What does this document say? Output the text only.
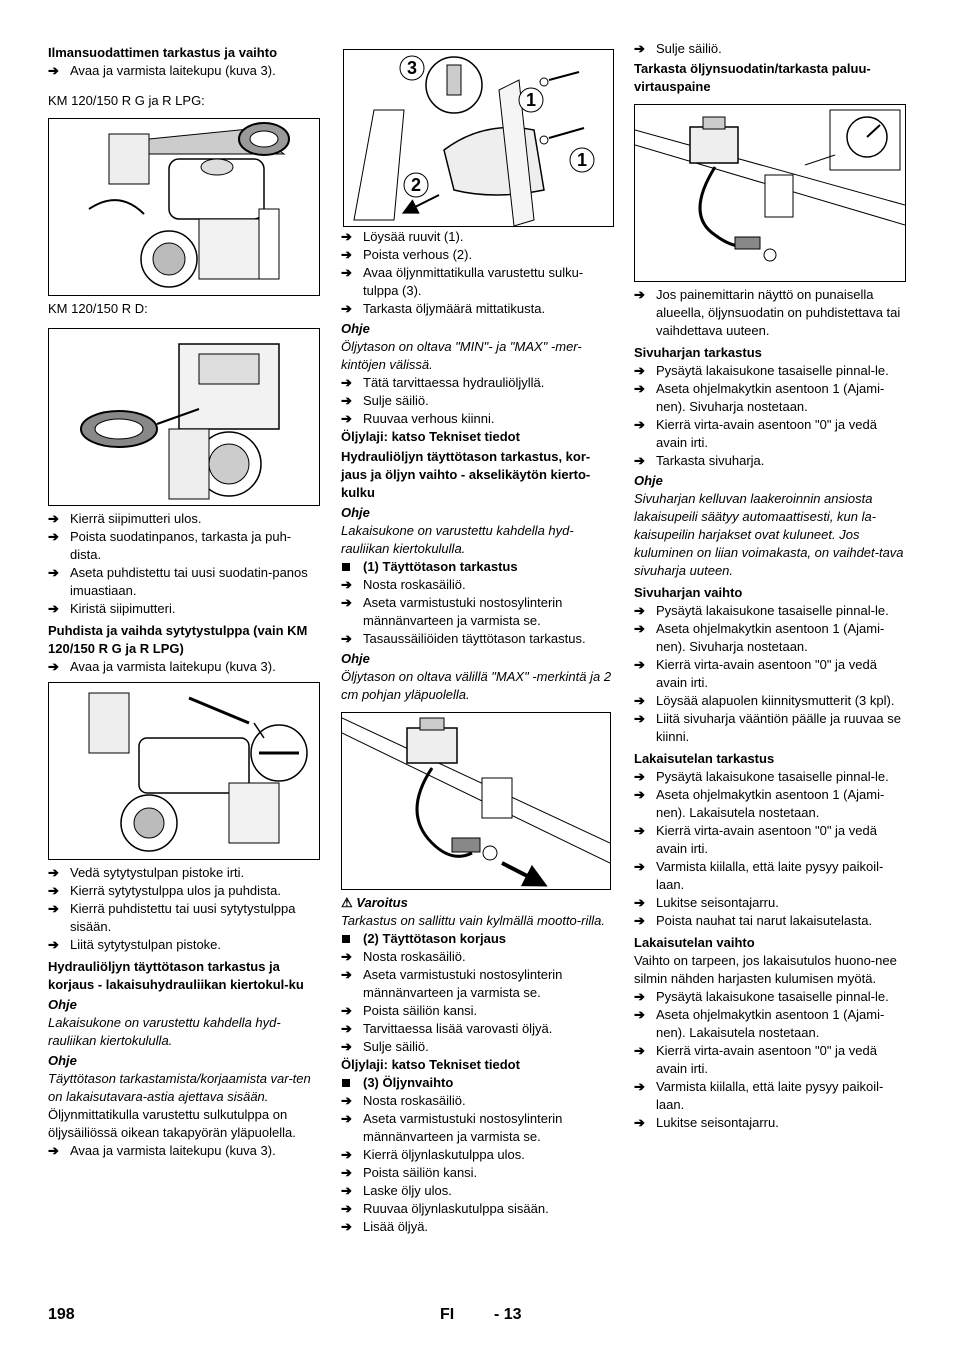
Ilmansuodattimen tarkastus ja vaihto

➔ Avaa ja varmista laitekupu (kuva 3).

KM 120/150 R G ja R LPG:

KM 120/150 R D:

➔ Kierrä siipimutteri ulos.

➔ Poista suodatinpanos, tarkasta ja puh-dista.

➔ Aseta puhdistettu tai uusi suodatin-panos imuastiaan.

➔ Kiristä siipimutteri.

Puhdista ja vaihda sytytystulppa (vain KM 120/150 R G ja R LPG)

➔ Avaa ja varmista laitekupu (kuva 3).

➔ Vedä sytytystulpan pistoke irti.

➔ Kierrä sytytystulppa ulos ja puhdista.

➔ Kierrä puhdistettu tai uusi sytytystulppa sisään.

➔ Liitä sytytystulpan pistoke.

Hydrauliöljyn täyttötason tarkastus ja korjaus - lakaisuhydrauliikan kiertokul-ku

Ohje

Lakaisukone on varustettu kahdella hyd-rauliikan kiertokululla.

Ohje

Täyttötason tarkastamista/korjaamista var-ten on lakaisutavara-astia ajettava sisään.

Öljynmittatikulla varustettu sulkutulppa on öljysäiliössä oikean takapyörän yläpuolella.

➔ Avaa ja varmista laitekupu (kuva 3).

3
1
1
2

➔ Löysää ruuvit (1).

➔ Poista verhous (2).

➔ Avaa öljynmittatikulla varustettu sulku-tulppa (3).

➔ Tarkasta öljymäärä mittatikusta.

Ohje

Öljytason on oltava "MIN"- ja "MAX" -mer-kintöjen välissä.

➔ Tätä tarvittaessa hydrauliöljyllä.

➔ Sulje säiliö.

➔ Ruuvaa verhous kiinni.

Öljylaji: katso Tekniset tiedot

Hydrauliöljyn täyttötason tarkastus, kor-jaus ja öljyn vaihto - akselikäytön kierto-kulku

Ohje

Lakaisukone on varustettu kahdella hyd-rauliikan kiertokululla.

(1) Täyttötason tarkastus

➔ Nosta roskasäiliö.

➔ Aseta varmistustuki nostosylinterin männänvarteen ja varmista se.

➔ Tasaussäiliöiden täyttötason tarkastus.

Ohje

Öljytason on oltava välillä "MAX" -merkintä ja 2 cm pohjan yläpuolella.

⚠ Varoitus

Tarkastus on sallittu vain kylmällä mootto-rilla.

(2) Täyttötason korjaus

➔ Nosta roskasäiliö.

➔ Aseta varmistustuki nostosylinterin männänvarteen ja varmista se.

➔ Poista säiliön kansi.

➔ Tarvittaessa lisää varovasti öljyä.

➔ Sulje säiliö.

Öljylaji: katso Tekniset tiedot

(3) Öljynvaihto

➔ Nosta roskasäiliö.

➔ Aseta varmistustuki nostosylinterin männänvarteen ja varmista se.

➔ Kierrä öljynlaskutulppa ulos.

➔ Poista säiliön kansi.

➔ Laske öljy ulos.

➔ Ruuvaa öljynlaskutulppa sisään.

➔ Lisää öljyä.

➔ Sulje säiliö.

Tarkasta öljynsuodatin/tarkasta paluu-virtauspaine

➔ Jos painemittarin näyttö on punaisella alueella, öljynsuodatin on puhdistettava tai vaihdettava uuteen.

Sivuharjan tarkastus

➔ Pysäytä lakaisukone tasaiselle pinnal-le.

➔ Aseta ohjelmakytkin asentoon 1 (Ajami-nen). Sivuharja nostetaan.

➔ Kierrä virta-avain asentoon "0" ja vedä avain irti.

➔ Tarkasta sivuharja.

Ohje

Sivuharjan kelluvan laakeroinnin ansiosta lakaisupeili säätyy automaattisesti, kun la-kaisupeilin harjakset ovat kuluneet. Jos kuluminen on liian voimakasta, on vaihdet-tava sivuharja uuteen.

Sivuharjan vaihto

➔ Pysäytä lakaisukone tasaiselle pinnal-le.

➔ Aseta ohjelmakytkin asentoon 1 (Ajami-nen). Sivuharja nostetaan.

➔ Kierrä virta-avain asentoon "0" ja vedä avain irti.

➔ Löysää alapuolen kiinnitysmutterit (3 kpl).

➔ Liitä sivuharja vääntiön päälle ja ruuvaa se kiinni.

Lakaisutelan tarkastus

➔ Pysäytä lakaisukone tasaiselle pinnal-le.

➔ Aseta ohjelmakytkin asentoon 1 (Ajami-nen). Lakaisutela nostetaan.

➔ Kierrä virta-avain asentoon "0" ja vedä avain irti.

➔ Varmista kiilalla, että laite pysyy paikoil-laan.

➔ Lukitse seisontajarru.

➔ Poista nauhat tai narut lakaisutelasta.

Lakaisutelan vaihto

Vaihto on tarpeen, jos lakaisutulos huono-nee silmin nähden harjasten kulumisen myötä.

➔ Pysäytä lakaisukone tasaiselle pinnal-le.

➔ Aseta ohjelmakytkin asentoon 1 (Ajami-nen). Lakaisutela nostetaan.

➔ Kierrä virta-avain asentoon "0" ja vedä avain irti.

➔ Varmista kiilalla, että laite pysyy paikoil-laan.

➔ Lukitse seisontajarru.

198	FI - 13
